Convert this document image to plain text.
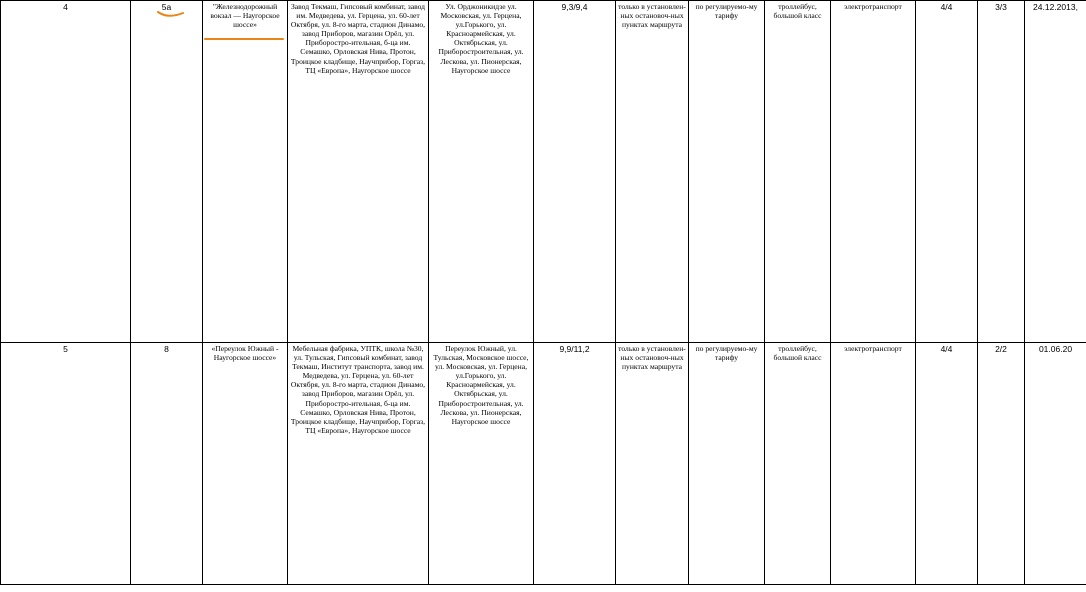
4	5а	"Железнодорожный вокзал — Наугорское шоссе»	Завод Текмаш, Гипсовый комбинат, завод им. Медведева, ул. Герцена, ул. 60-лет Октября, ул. 8-го марта, стадион Динамо, завод Приборов, магазин Орёл, ул. Приборостро-ительная, б-ца им. Семашко, Орловская Нива, Протон, Троицкое кладбище, Научприбор, Горгаз, ТЦ «Европа», Наугорское шоссе	Ул. Орджоникидзе ул. Московская, ул. Герцена, ул.Горького, ул. Красноармейская, ул. Октябрьская, ул. Приборостроительная, ул. Лескова, ул. Пионерская, Наугорское шоссе	9,3/9,4	только в установлен-ных остановоч-ных пунктах маршрута	по регулируемо-му тарифу	троллейбус, большой класс	электротранспорт	4/4	3/3	24.12.2013,
5	8	«Переулок Южный - Наугорское шоссе»	Мебельная фабрика, УПТК, школа №30, ул. Тульская, Гипсовый комбинат, завод Текмаш, Институт транспорта, завод им. Медведева, ул. Герцена, ул. 60-лет Октября, ул. 8-го марта, стадион Динамо, завод Приборов, магазин Орёл, ул. Приборостро-ительная, б-ца им. Семашко, Орловская Нива, Протон, Троицкое кладбище, Научприбор, Горгаз, ТЦ «Европа», Наугорское шоссе	Переулок Южный, ул. Тульская, Московское шоссе, ул. Московская, ул. Герцена, ул.Горького, ул. Красноармейская, ул. Октябрьская, ул. Приборостроительная, ул. Лескова, ул. Пионерская, Наугорское шоссе	9,9/11,2	только в установлен-ных остановоч-ных пунктах маршрута	по регулируемо-му тарифу	троллейбус, большой класс	электротранспорт	4/4	2/2	01.06.20
